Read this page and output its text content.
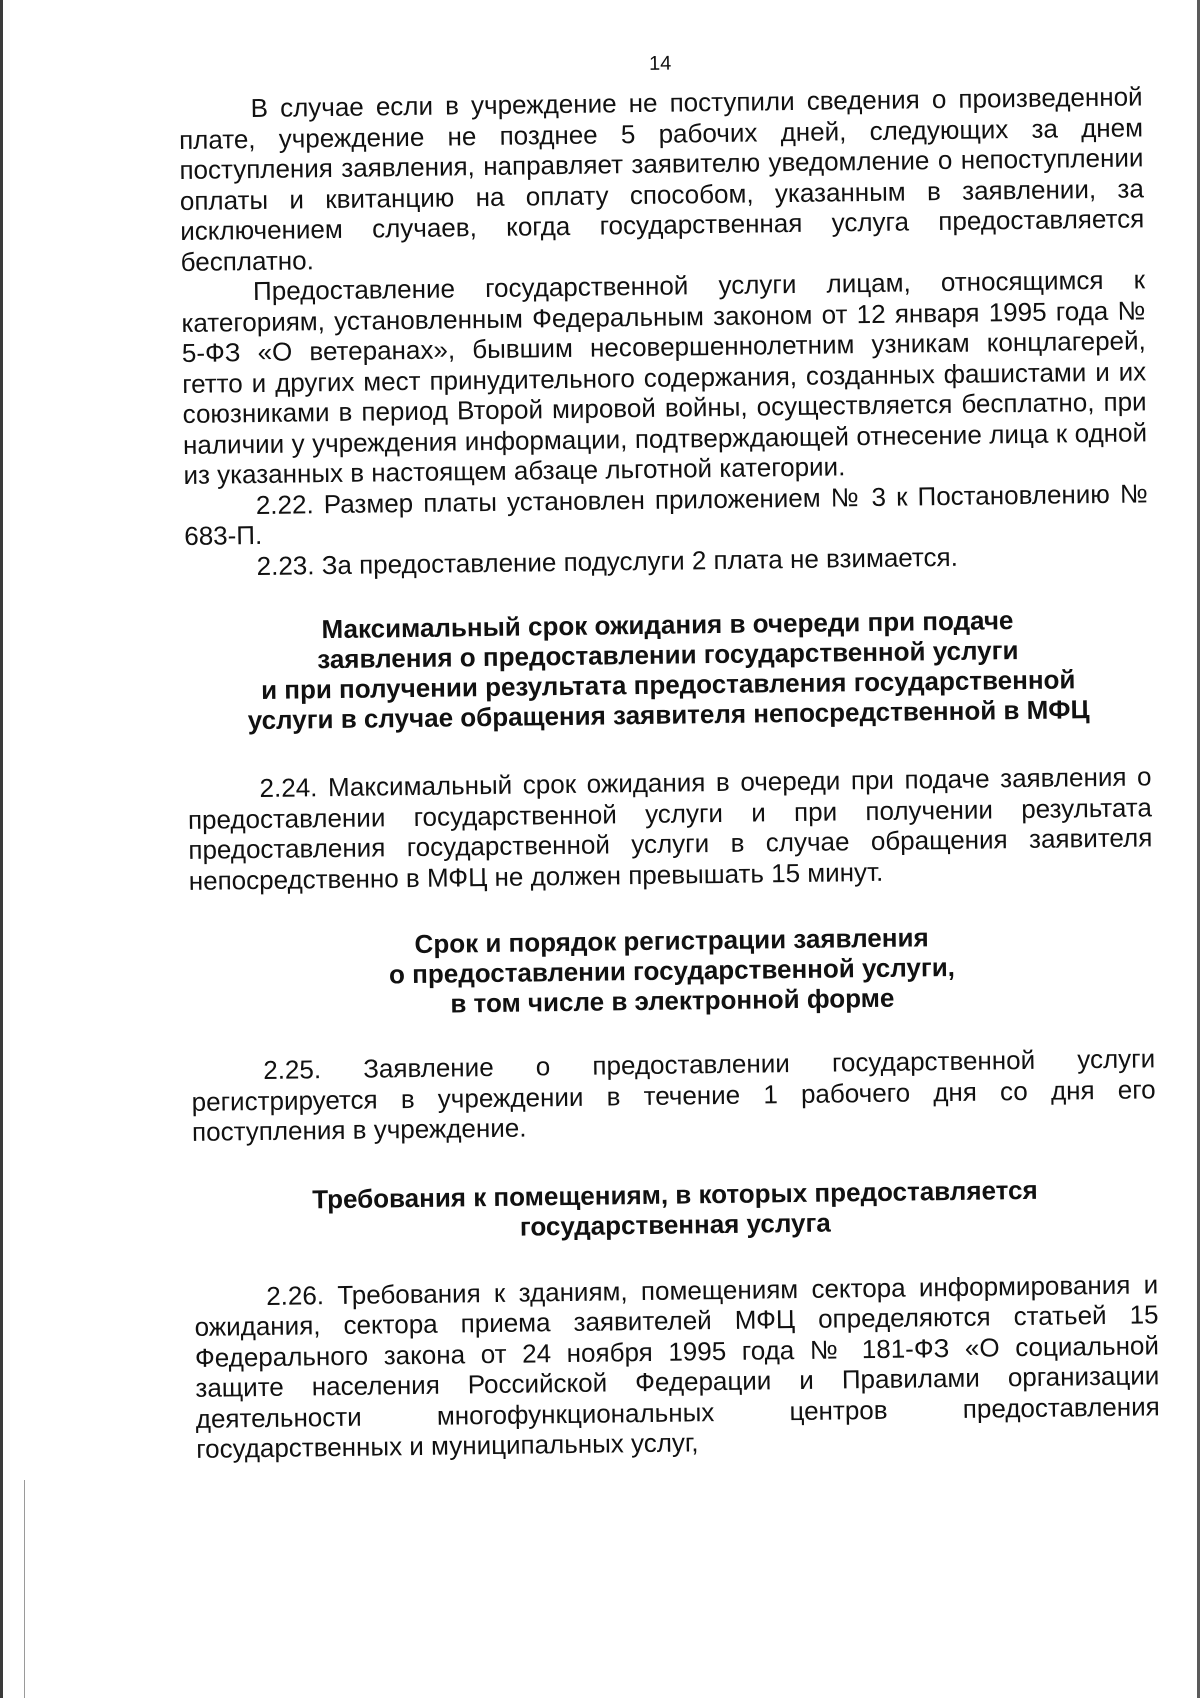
14

В случае если в учреждение не поступили сведения о произведенной плате, учреждение не позднее 5 рабочих дней, следующих за днем поступления заявления, направляет заявителю уведомление о непоступлении оплаты и квитанцию на оплату способом, указанным в заявлении, за исключением случаев, когда государственная услуга предоставляется бесплатно.

Предоставление государственной услуги лицам, относящимся к категориям, установленным Федеральным законом от 12 января 1995 года № 5-ФЗ «О ветеранах», бывшим несовершеннолетним узникам концлагерей, гетто и других мест принудительного содержания, созданных фашистами и их союзниками в период Второй мировой войны, осуществляется бесплатно, при наличии у учреждения информации, подтверждающей отнесение лица к одной из указанных в настоящем абзаце льготной категории.

2.22. Размер платы установлен приложением № 3 к Постановлению № 683-П.

2.23. За предоставление подуслуги 2 плата не взимается.

Максимальный срок ожидания в очереди при подаче
заявления о предоставлении государственной услуги
и при получении результата предоставления государственной
услуги в случае обращения заявителя непосредственной в МФЦ

2.24. Максимальный срок ожидания в очереди при подаче заявления о предоставлении государственной услуги и при получении результата предоставления государственной услуги в случае обращения заявителя непосредственно в МФЦ не должен превышать 15 минут.

Срок и порядок регистрации заявления
о предоставлении государственной услуги,
в том числе в электронной форме

2.25. Заявление о предоставлении государственной услуги регистрируется в учреждении в течение 1 рабочего дня со дня его поступления в учреждение.

Требования к помещениям, в которых предоставляется
государственная услуга

2.26. Требования к зданиям, помещениям сектора информирования и ожидания, сектора приема заявителей МФЦ определяются статьей 15 Федерального закона от 24 ноября 1995 года № 181-ФЗ «О социальной защите населения Российской Федерации и Правилами организации деятельности многофункциональных центров предоставления государственных и муниципальных услуг,
